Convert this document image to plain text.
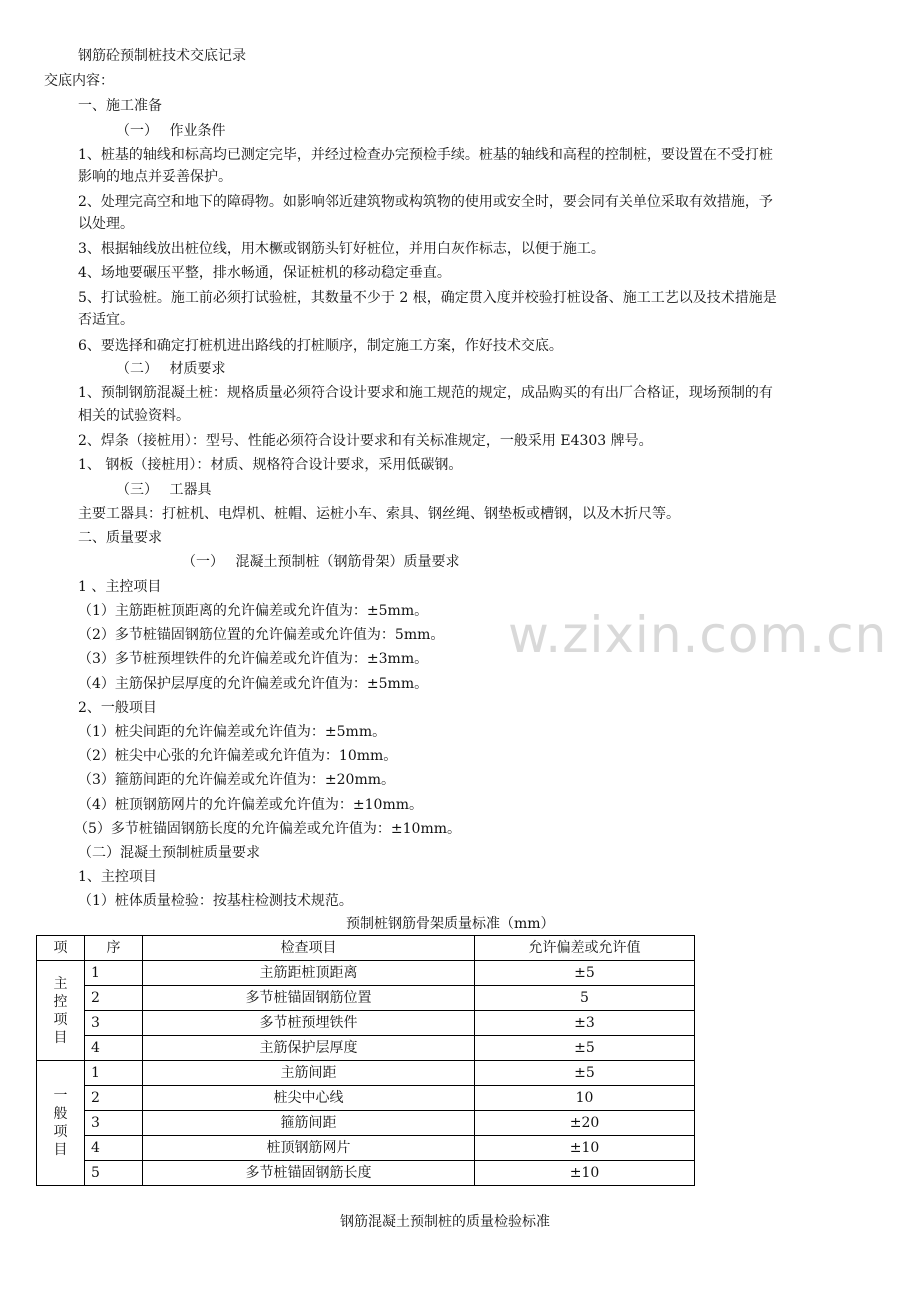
钢筋砼预制桩技术交底记录
交底内容：
一、施工准备
（一）　 作业条件
1、桩基的轴线和标高均已测定完毕，并经过检查办完预检手续。桩基的轴线和高程的控制桩，要设置在不受打桩
影响的地点并妥善保护。
2、处理完高空和地下的障碍物。如影响邻近建筑物或构筑物的使用或安全时，要会同有关单位采取有效措施，予
以处理。
3、根据轴线放出桩位线，用木橛或钢筋头钉好桩位，并用白灰作标志，以便于施工。
4、场地要碾压平整，排水畅通，保证桩机的移动稳定垂直。
5、打试验桩。施工前必须打试验桩，其数量不少于 2 根，确定贯入度并校验打桩设备、施工工艺以及技术措施是
否适宜。
6、要选择和确定打桩机进出路线的打桩顺序，制定施工方案，作好技术交底。
（二）　 材质要求
1、预制钢筋混凝土桩：规格质量必须符合设计要求和施工规范的规定，成品购买的有出厂合格证，现场预制的有
相关的试验资料。
2、焊条（接桩用）：型号、性能必须符合设计要求和有关标准规定，一般采用 E4303 牌号。
1、 钢板（接桩用）：材质、规格符合设计要求，采用低碳钢。
（三）　 工器具
主要工器具：打桩机、电焊机、桩帽、运桩小车、索具、钢丝绳、钢垫板或槽钢，以及木折尺等。
二、质量要求
（一）　 混凝土预制桩（钢筋骨架）质量要求
1 、主控项目
（1）主筋距桩顶距离的允许偏差或允许值为：±5mm。
（2）多节桩锚固钢筋位置的允许偏差或允许值为：5mm。
（3）多节桩预埋铁件的允许偏差或允许值为：±3mm。
（4）主筋保护层厚度的允许偏差或允许值为：±5mm。
2、一般项目
（1）桩尖间距的允许偏差或允许值为：±5mm。
（2）桩尖中心张的允许偏差或允许值为：10mm。
（3）箍筋间距的允许偏差或允许值为：±20mm。
（4）桩顶钢筋网片的允许偏差或允许值为：±10mm。
（5）多节桩锚固钢筋长度的允许偏差或允许值为：±10mm。
（二）混凝土预制桩质量要求
1、主控项目
（1）桩体质量检验：按基柱检测技术规范。
w.zixin.com.cn
预制桩钢筋骨架质量标准（mm）
项	序	检查项目	允许偏差或允许值
主控项目	1	主筋距桩顶距离	±5
	2	多节桩锚固钢筋位置	5
	3	多节桩预埋铁件	±3
	4	主筋保护层厚度	±5
一般项目	1	主筋间距	±5
	2	桩尖中心线	10
	3	箍筋间距	±20
	4	桩顶钢筋网片	±10
	5	多节桩锚固钢筋长度	±10
钢筋混凝土预制桩的质量检验标准
